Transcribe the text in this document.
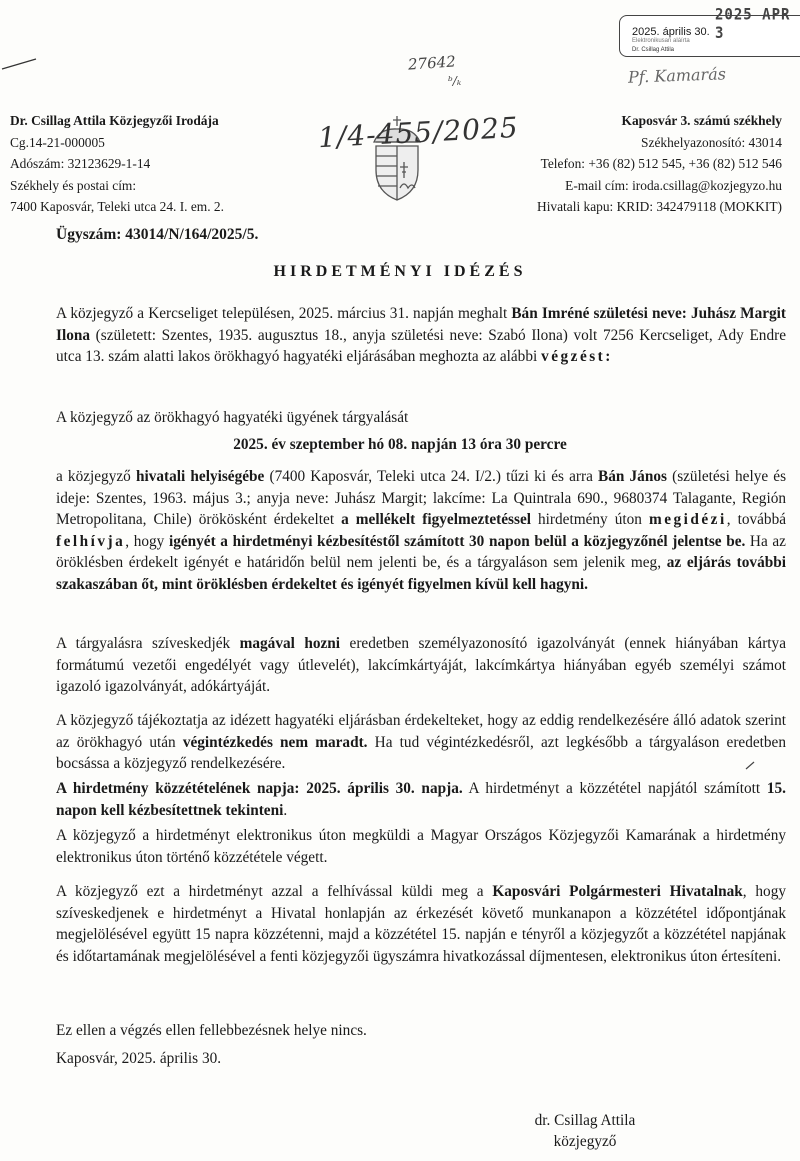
27642
ᵇ/ₖ
2025. április 30.
Elektronikusan aláírta
Dr. Csillag Attila
2025 APR 3
Pf. Kamarás
Dr. Csillag Attila Közjegyzői Irodája
Cg.14-21-000005
Adószám: 32123629-1-14
Székhely és postai cím:
7400 Kaposvár, Teleki utca 24. I. em. 2.
1/4-455/2025	Kaposvár 3. számú székhely
Székhelyazonosító: 43014
Telefon: +36 (82) 512 545, +36 (82) 512 546
E-mail cím: iroda.csillag@kozjegyzo.hu
Hivatali kapu: KRID: 342479118 (MOKKIT)
Ügyszám: 43014/N/164/2025/5.
HIRDETMÉNYI IDÉZÉS

A közjegyző a Kercseliget településen, 2025. március 31. napján meghalt Bán Imréné születési neve: Juhász Margit Ilona (született: Szentes, 1935. augusztus 18., anyja születési neve: Szabó Ilona) volt 7256 Kercseliget, Ady Endre utca 13. szám alatti lakos örökhagyó hagyatéki eljárásában meghozta az alábbi végzést:

A közjegyző az örökhagyó hagyatéki ügyének tárgyalását

2025. év szeptember hó 08. napján 13 óra 30 percre

a közjegyző hivatali helyiségébe (7400 Kaposvár, Teleki utca 24. I/2.) tűzi ki és arra Bán János (születési helye és ideje: Szentes, 1963. május 3.; anyja neve: Juhász Margit; lakcíme: La Quintrala 690., 9680374 Talagante, Región Metropolitana, Chile) örökösként érdekeltet a mellékelt figyelmeztetéssel hirdetmény úton megidézi, továbbá felhívja, hogy igényét a hirdetményi kézbesítéstől számított 30 napon belül a közjegyzőnél jelentse be. Ha az öröklésben érdekelt igényét e határidőn belül nem jelenti be, és a tárgyaláson sem jelenik meg, az eljárás további szakaszában őt, mint öröklésben érdekeltet és igényét figyelmen kívül kell hagyni.

A tárgyalásra szíveskedjék magával hozni eredetben személyazonosító igazolványát (ennek hiányában kártya formátumú vezetői engedélyét vagy útlevelét), lakcímkártyáját, lakcímkártya hiányában egyéb személyi számot igazoló igazolványát, adókártyáját.

A közjegyző tájékoztatja az idézett hagyatéki eljárásban érdekelteket, hogy az eddig rendelkezésére álló adatok szerint az örökhagyó után végintézkedés nem maradt. Ha tud végintézkedésről, azt legkésőbb a tárgyaláson eredetben bocsássa a közjegyző rendelkezésére.

A hirdetmény közzétételének napja: 2025. április 30. napja. A hirdetményt a közzététel napjától számított 15. napon kell kézbesítettnek tekinteni.

A közjegyző a hirdetményt elektronikus úton megküldi a Magyar Országos Közjegyzői Kamarának a hirdetmény elektronikus úton történő közzététele végett.

A közjegyző ezt a hirdetményt azzal a felhívással küldi meg a Kaposvári Polgármesteri Hivatalnak, hogy szíveskedjenek e hirdetményt a Hivatal honlapján az érkezését követő munkanapon a közzététel időpontjának megjelölésével együtt 15 napra közzétenni, majd a közzététel 15. napján e tényről a közjegyzőt a közzététel napjának és időtartamának megjelölésével a fenti közjegyzői ügyszámra hivatkozással díjmentesen, elektronikus úton értesíteni.

Ez ellen a végzés ellen fellebbezésnek helye nincs.

Kaposvár, 2025. április 30.

dr. Csillag Attila
közjegyző
